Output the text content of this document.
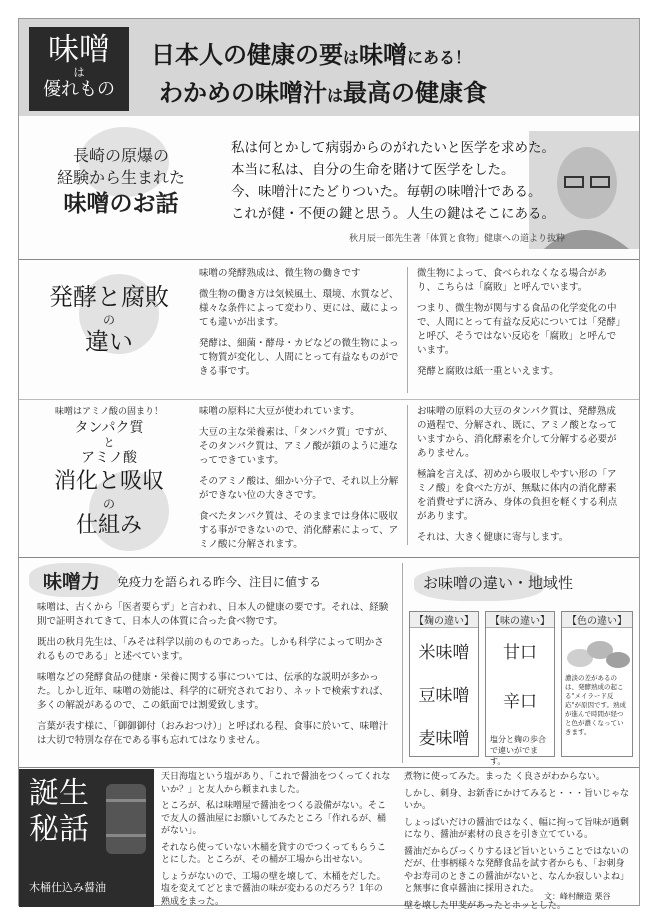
味噌
は
優れもの
日本人の健康の要は味噌にある！
わかめの味噌汁は最高の健康食
長崎の原爆の
経験から生まれた
味噌のお話
私は何とかして病弱からのがれたいと医学を求めた。
本当に私は、自分の生命を賭けて医学をした。
今、味噌汁にたどりついた。毎朝の味噌汁である。
これが健・不便の鍵と思う。人生の鍵はそこにある。
秋月辰一郎先生著「体質と食物」健康への道より抜粋
発酵と腐敗
の
違い

味噌の発酵熟成は、微生物の働きです

微生物の働き方は気候風土、環境、水質など、様々な条件によって変わり、更には、蔵によっても違いが出ます。

発酵は、細菌・酵母・カビなどの微生物によって物質が変化し、人間にとって有益なものができる事です。

微生物によって、食べられなくなる場合があり、こちらは「腐敗」と呼んでいます。

つまり、微生物が関与する食品の化学変化の中で、人間にとって有益な反応については「発酵」と呼び、そうではない反応を「腐敗」と呼んでいます。

発酵と腐敗は紙一重といえます。

味噌はアミノ酸の固まり！
タンパク質
と
アミノ酸
消化と吸収
の
仕組み

味噌の原料に大豆が使われています。

大豆の主な栄養素は、「タンパク質」ですが、そのタンパク質は、アミノ酸が鎖のように連なってできています。

そのアミノ酸は、細かい分子で、それ以上分解ができない位の大きさです。

食べたタンパク質は、そのままでは身体に吸収する事ができないので、消化酵素によって、アミノ酸に分解されます。

お味噌の原料の大豆のタンパク質は、発酵熟成の過程で、分解され、既に、アミノ酸となっていますから、消化酵素を介して分解する必要がありません。

極論を言えば、初めから吸収しやすい形の「アミノ酸」を食べた方が、無駄に体内の消化酵素を消費せずに済み、身体の負担を軽くする利点があります。

それは、大きく健康に寄与します。

味噌力 免疫力を語られる昨今、注目に値する

味噌は、古くから「医者要らず」と言われ、日本人の健康の要です。それは、経験則で証明されてきて、日本人の体質に合った食べ物です。

既出の秋月先生は、「みそは科学以前のものであった。しかも科学によって明かされるものである」と述べています。

味噌などの発酵食品の健康・栄養に関する事については、伝承的な説明が多かった。しかし近年、味噌の効能は、科学的に研究されており、ネットで検索すれば、多くの解説があるので、この紙面では割愛致します。

言葉が表す様に、「御御御付（おみおつけ）」と呼ばれる程、食事に於いて、味噌汁は大切で特別な存在である事も忘れてはなりません。

お味噌の違い・地域性
【麹の違い】
米味噌
豆味噌
麦味噌
【味の違い】
甘口
辛口
塩分と麹の歩合で違いがでます。
【色の違い】
濃淡の差があるのは、発酵熟成の起こる"メイラード反応"が原因です。熟成が進んで時間が経つと色が濃くなっていきます。
誕生
秘話
木桶仕込み醤油

天日海塩という塩があり、「これで醤油をつくってくれないか？」と友人から頼まれました。

ところが、私は味噌屋で醤油をつくる設備がない。そこで友人の醤油屋にお願いしてみたところ「作れるが、桶がない」。

それなら使っていない木桶を貸すのでつくってもらうことにした。ところが、その桶が工場から出せない。

しょうがないので、工場の壁を壊して、木桶をだした。塩を変えてどとまで醤油の味が変わるのだろう？1年の熟成をまった。

煮物に使ってみた。まった く良さがわからない。

しかし、刺身、お新香にかけてみると・・・旨いじゃないか。

しょっぱいだけの醤油ではなく、幅に拘って旨味が過剰になり、醤油が素材の良さを引き立てている。

醤油だからびっくりするほど旨いということではないのだが、仕事柄様々な発酵食品を試す者からも、「お刺身やお寿司のときこの醤油がないと、なんか寂しいよね」と無事に食卓醤油に採用された。

壁を壊した甲斐があったとホッとした。

文：峰村醸造 栗谷
